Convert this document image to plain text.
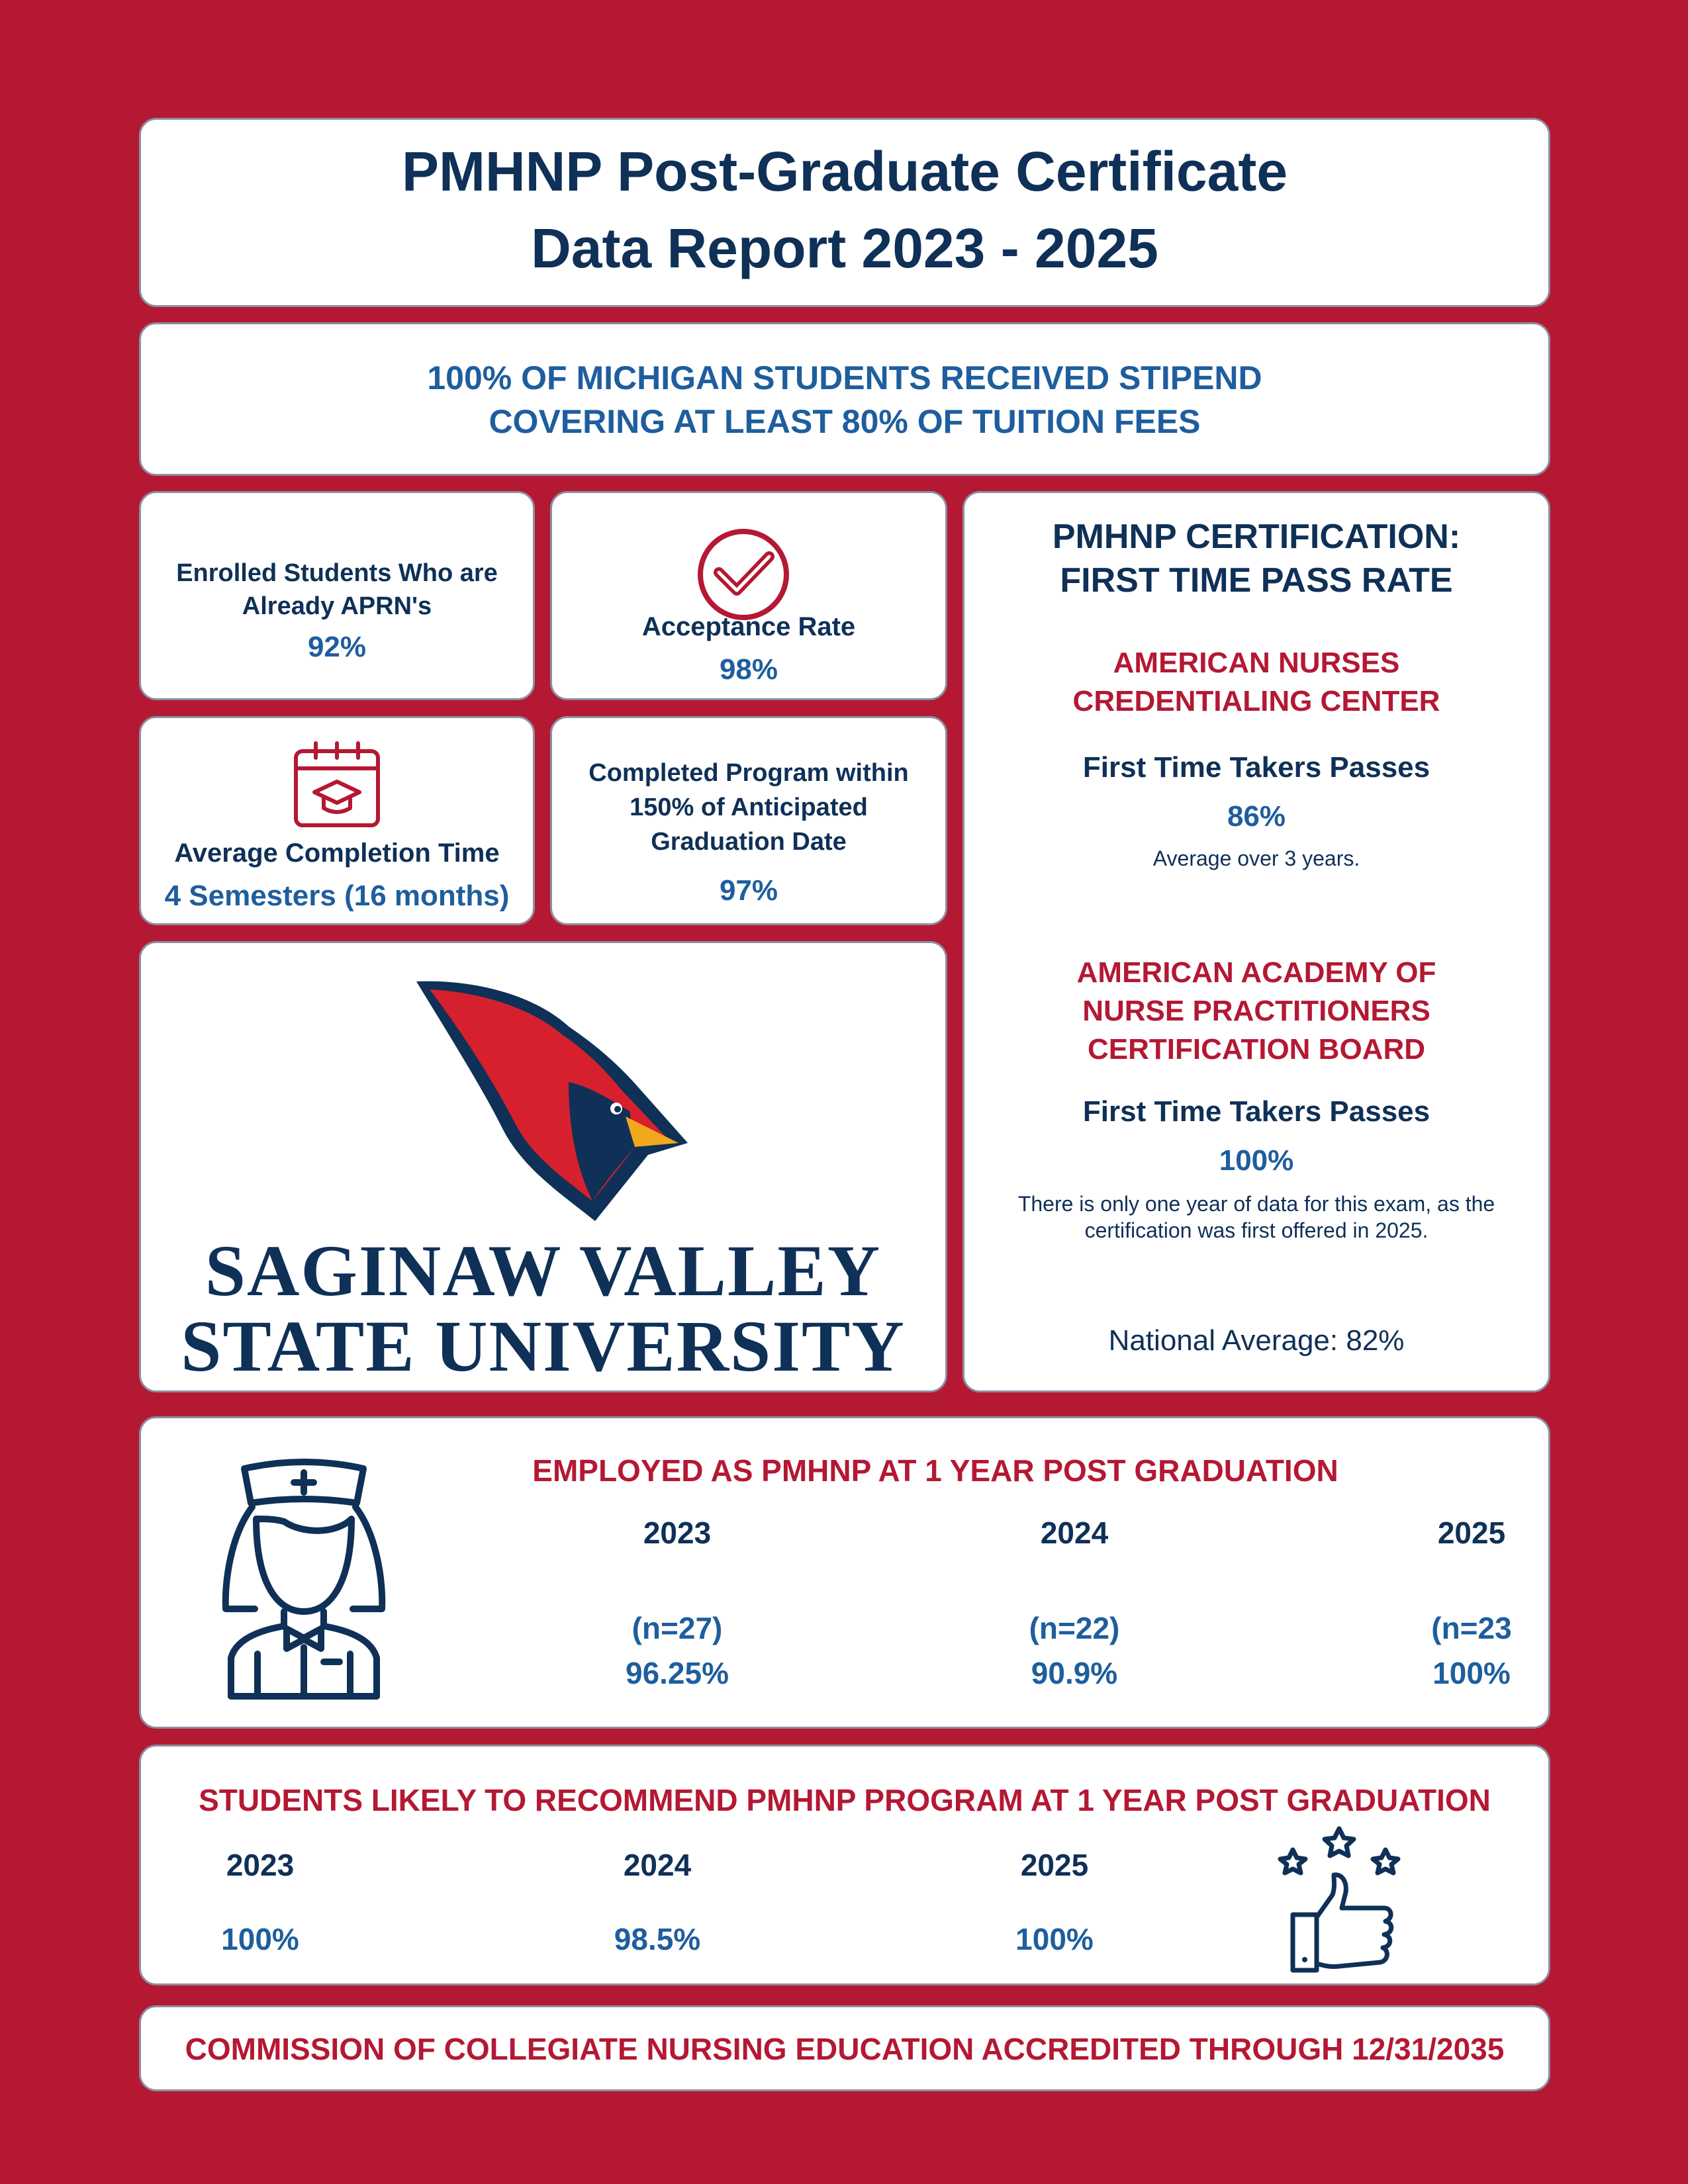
PMHNP Post-Graduate Certificate
Data Report 2023 - 2025
100% OF MICHIGAN STUDENTS RECEIVED STIPEND
COVERING AT LEAST 80% OF TUITION FEES
Enrolled Students Who are
Already APRN's
92%
Acceptance Rate
98%
Average Completion Time
4 Semesters (16 months)
Completed Program within
150% of Anticipated
Graduation Date
97%
SAGINAW VALLEY
STATE UNIVERSITY
PMHNP CERTIFICATION:
FIRST TIME PASS RATE
AMERICAN NURSES
CREDENTIALING CENTER
First Time Takers Passes
86%
Average over 3 years.
AMERICAN ACADEMY OF
NURSE PRACTITIONERS
CERTIFICATION BOARD
First Time Takers Passes
100%
There is only one year of data for this exam, as the
certification was first offered in 2025.
National Average: 82%
EMPLOYED AS PMHNP AT 1 YEAR POST GRADUATION
2023
(n=27)
96.25%
2024
(n=22)
90.9%
2025
(n=23
100%
STUDENTS LIKELY TO RECOMMEND PMHNP PROGRAM AT 1 YEAR POST GRADUATION
2023
100%
2024
98.5%
2025
100%
COMMISSION OF COLLEGIATE NURSING EDUCATION ACCREDITED THROUGH 12/31/2035
